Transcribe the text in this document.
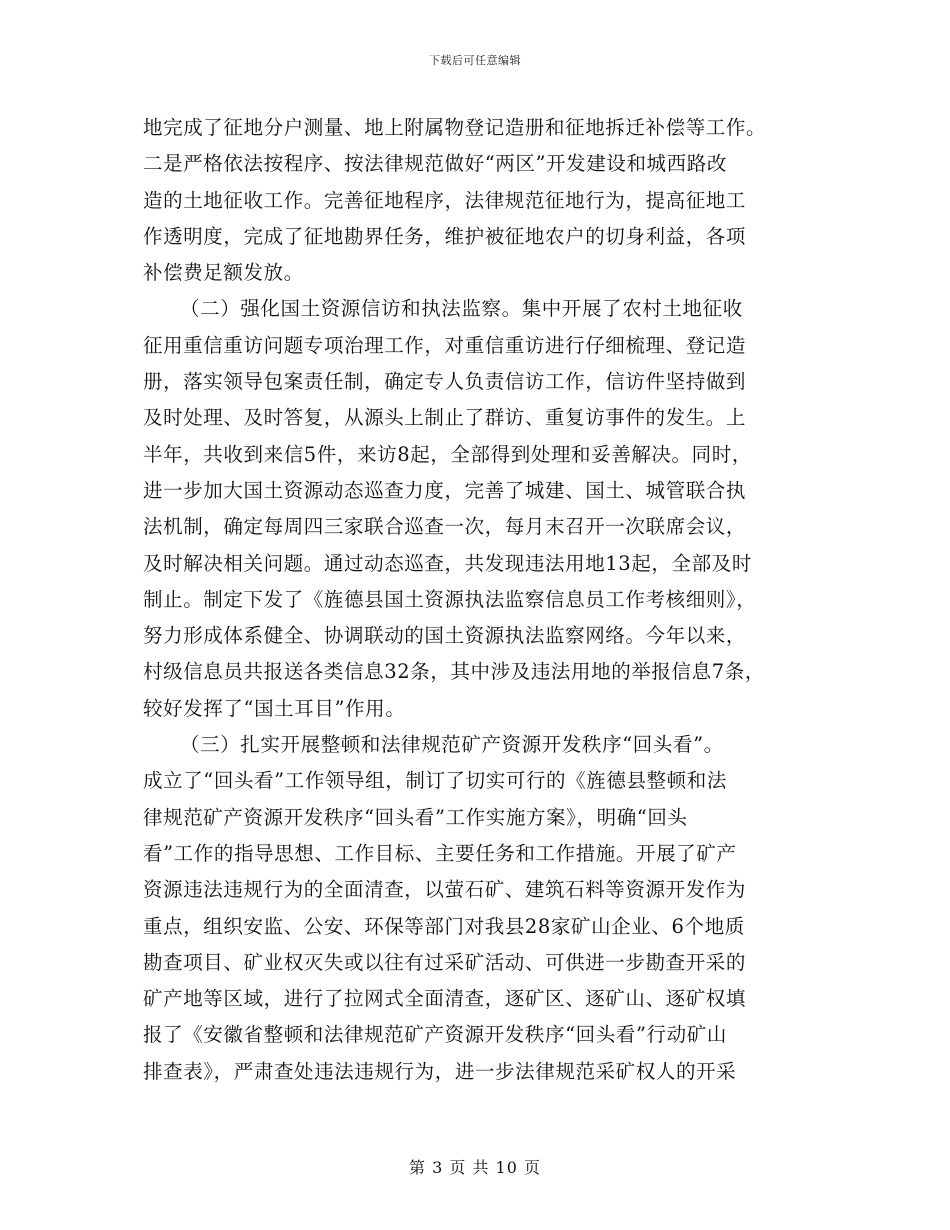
下载后可任意编辑
地完成了征地分户测量、地上附属物登记造册和征地拆迁补偿等工作。
二是严格依法按程序、按法律规范做好“两区”开发建设和城西路改
造的土地征收工作。完善征地程序，法律规范征地行为，提高征地工
作透明度，完成了征地勘界任务，维护被征地农户的切身利益，各项
补偿费足额发放。
（二）强化国土资源信访和执法监察。集中开展了农村土地征收
征用重信重访问题专项治理工作，对重信重访进行仔细梳理、登记造
册，落实领导包案责任制，确定专人负责信访工作，信访件坚持做到
及时处理、及时答复，从源头上制止了群访、重复访事件的发生。上
半年，共收到来信5件，来访8起，全部得到处理和妥善解决。同时，
进一步加大国土资源动态巡查力度，完善了城建、国土、城管联合执
法机制，确定每周四三家联合巡查一次，每月末召开一次联席会议，
及时解决相关问题。通过动态巡查，共发现违法用地13起，全部及时
制止。制定下发了《旌德县国土资源执法监察信息员工作考核细则》，
努力形成体系健全、协调联动的国土资源执法监察网络。今年以来，
村级信息员共报送各类信息32条，其中涉及违法用地的举报信息7条，
较好发挥了“国土耳目”作用。
（三）扎实开展整顿和法律规范矿产资源开发秩序“回头看”。
成立了“回头看”工作领导组，制订了切实可行的《旌德县整顿和法
律规范矿产资源开发秩序“回头看”工作实施方案》，明确“回头
看”工作的指导思想、工作目标、主要任务和工作措施。开展了矿产
资源违法违规行为的全面清查，以萤石矿、建筑石料等资源开发作为
重点，组织安监、公安、环保等部门对我县28家矿山企业、6个地质
勘查项目、矿业权灭失或以往有过采矿活动、可供进一步勘查开采的
矿产地等区域，进行了拉网式全面清查，逐矿区、逐矿山、逐矿权填
报了《安徽省整顿和法律规范矿产资源开发秩序“回头看”行动矿山
排查表》，严肃查处违法违规行为，进一步法律规范采矿权人的开采
第 3 页 共 10 页
